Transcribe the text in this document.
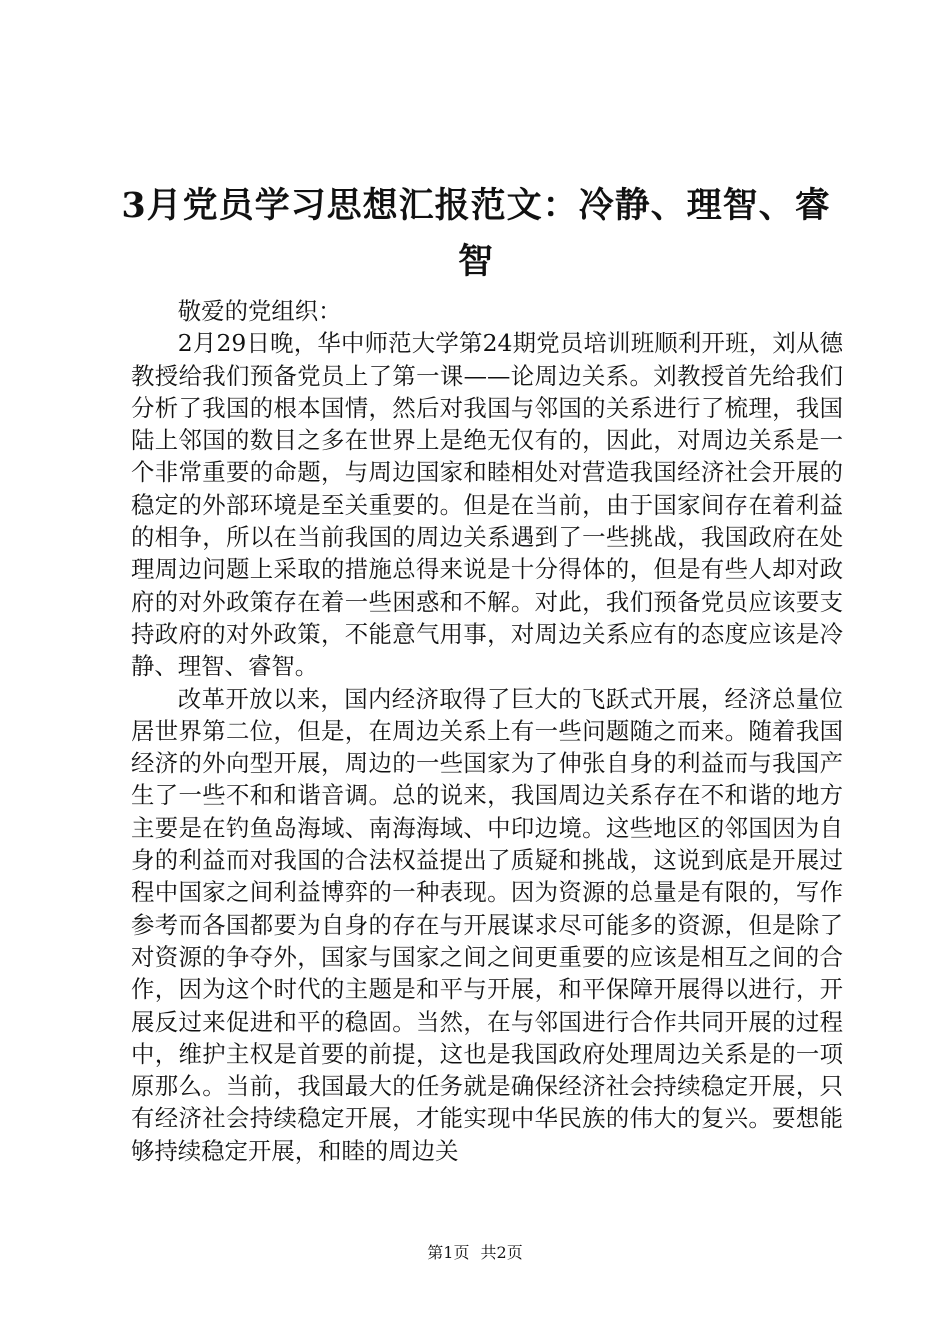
3月党员学习思想汇报范文：冷静、理智、睿智

敬爱的党组织：

2月29日晚，华中师范大学第24期党员培训班顺利开班，刘从德教授给我们预备党员上了第一课——论周边关系。刘教授首先给我们分析了我国的根本国情，然后对我国与邻国的关系进行了梳理，我国陆上邻国的数目之多在世界上是绝无仅有的，因此，对周边关系是一个非常重要的命题，与周边国家和睦相处对营造我国经济社会开展的稳定的外部环境是至关重要的。但是在当前，由于国家间存在着利益的相争，所以在当前我国的周边关系遇到了一些挑战，我国政府在处理周边问题上采取的措施总得来说是十分得体的，但是有些人却对政府的对外政策存在着一些困惑和不解。对此，我们预备党员应该要支持政府的对外政策，不能意气用事，对周边关系应有的态度应该是冷静、理智、睿智。

改革开放以来，国内经济取得了巨大的飞跃式开展，经济总量位居世界第二位，但是，在周边关系上有一些问题随之而来。随着我国经济的外向型开展，周边的一些国家为了伸张自身的利益而与我国产生了一些不和和谐音调。总的说来，我国周边关系存在不和谐的地方主要是在钓鱼岛海域、南海海域、中印边境。这些地区的邻国因为自身的利益而对我国的合法权益提出了质疑和挑战，这说到底是开展过程中国家之间利益博弈的一种表现。因为资源的总量是有限的，写作参考而各国都要为自身的存在与开展谋求尽可能多的资源，但是除了对资源的争夺外，国家与国家之间之间更重要的应该是相互之间的合作，因为这个时代的主题是和平与开展，和平保障开展得以进行，开展反过来促进和平的稳固。当然，在与邻国进行合作共同开展的过程中，维护主权是首要的前提，这也是我国政府处理周边关系是的一项原那么。当前，我国最大的任务就是确保经济社会持续稳定开展，只有经济社会持续稳定开展，才能实现中华民族的伟大的复兴。要想能够持续稳定开展，和睦的周边关

第1页 共2页
